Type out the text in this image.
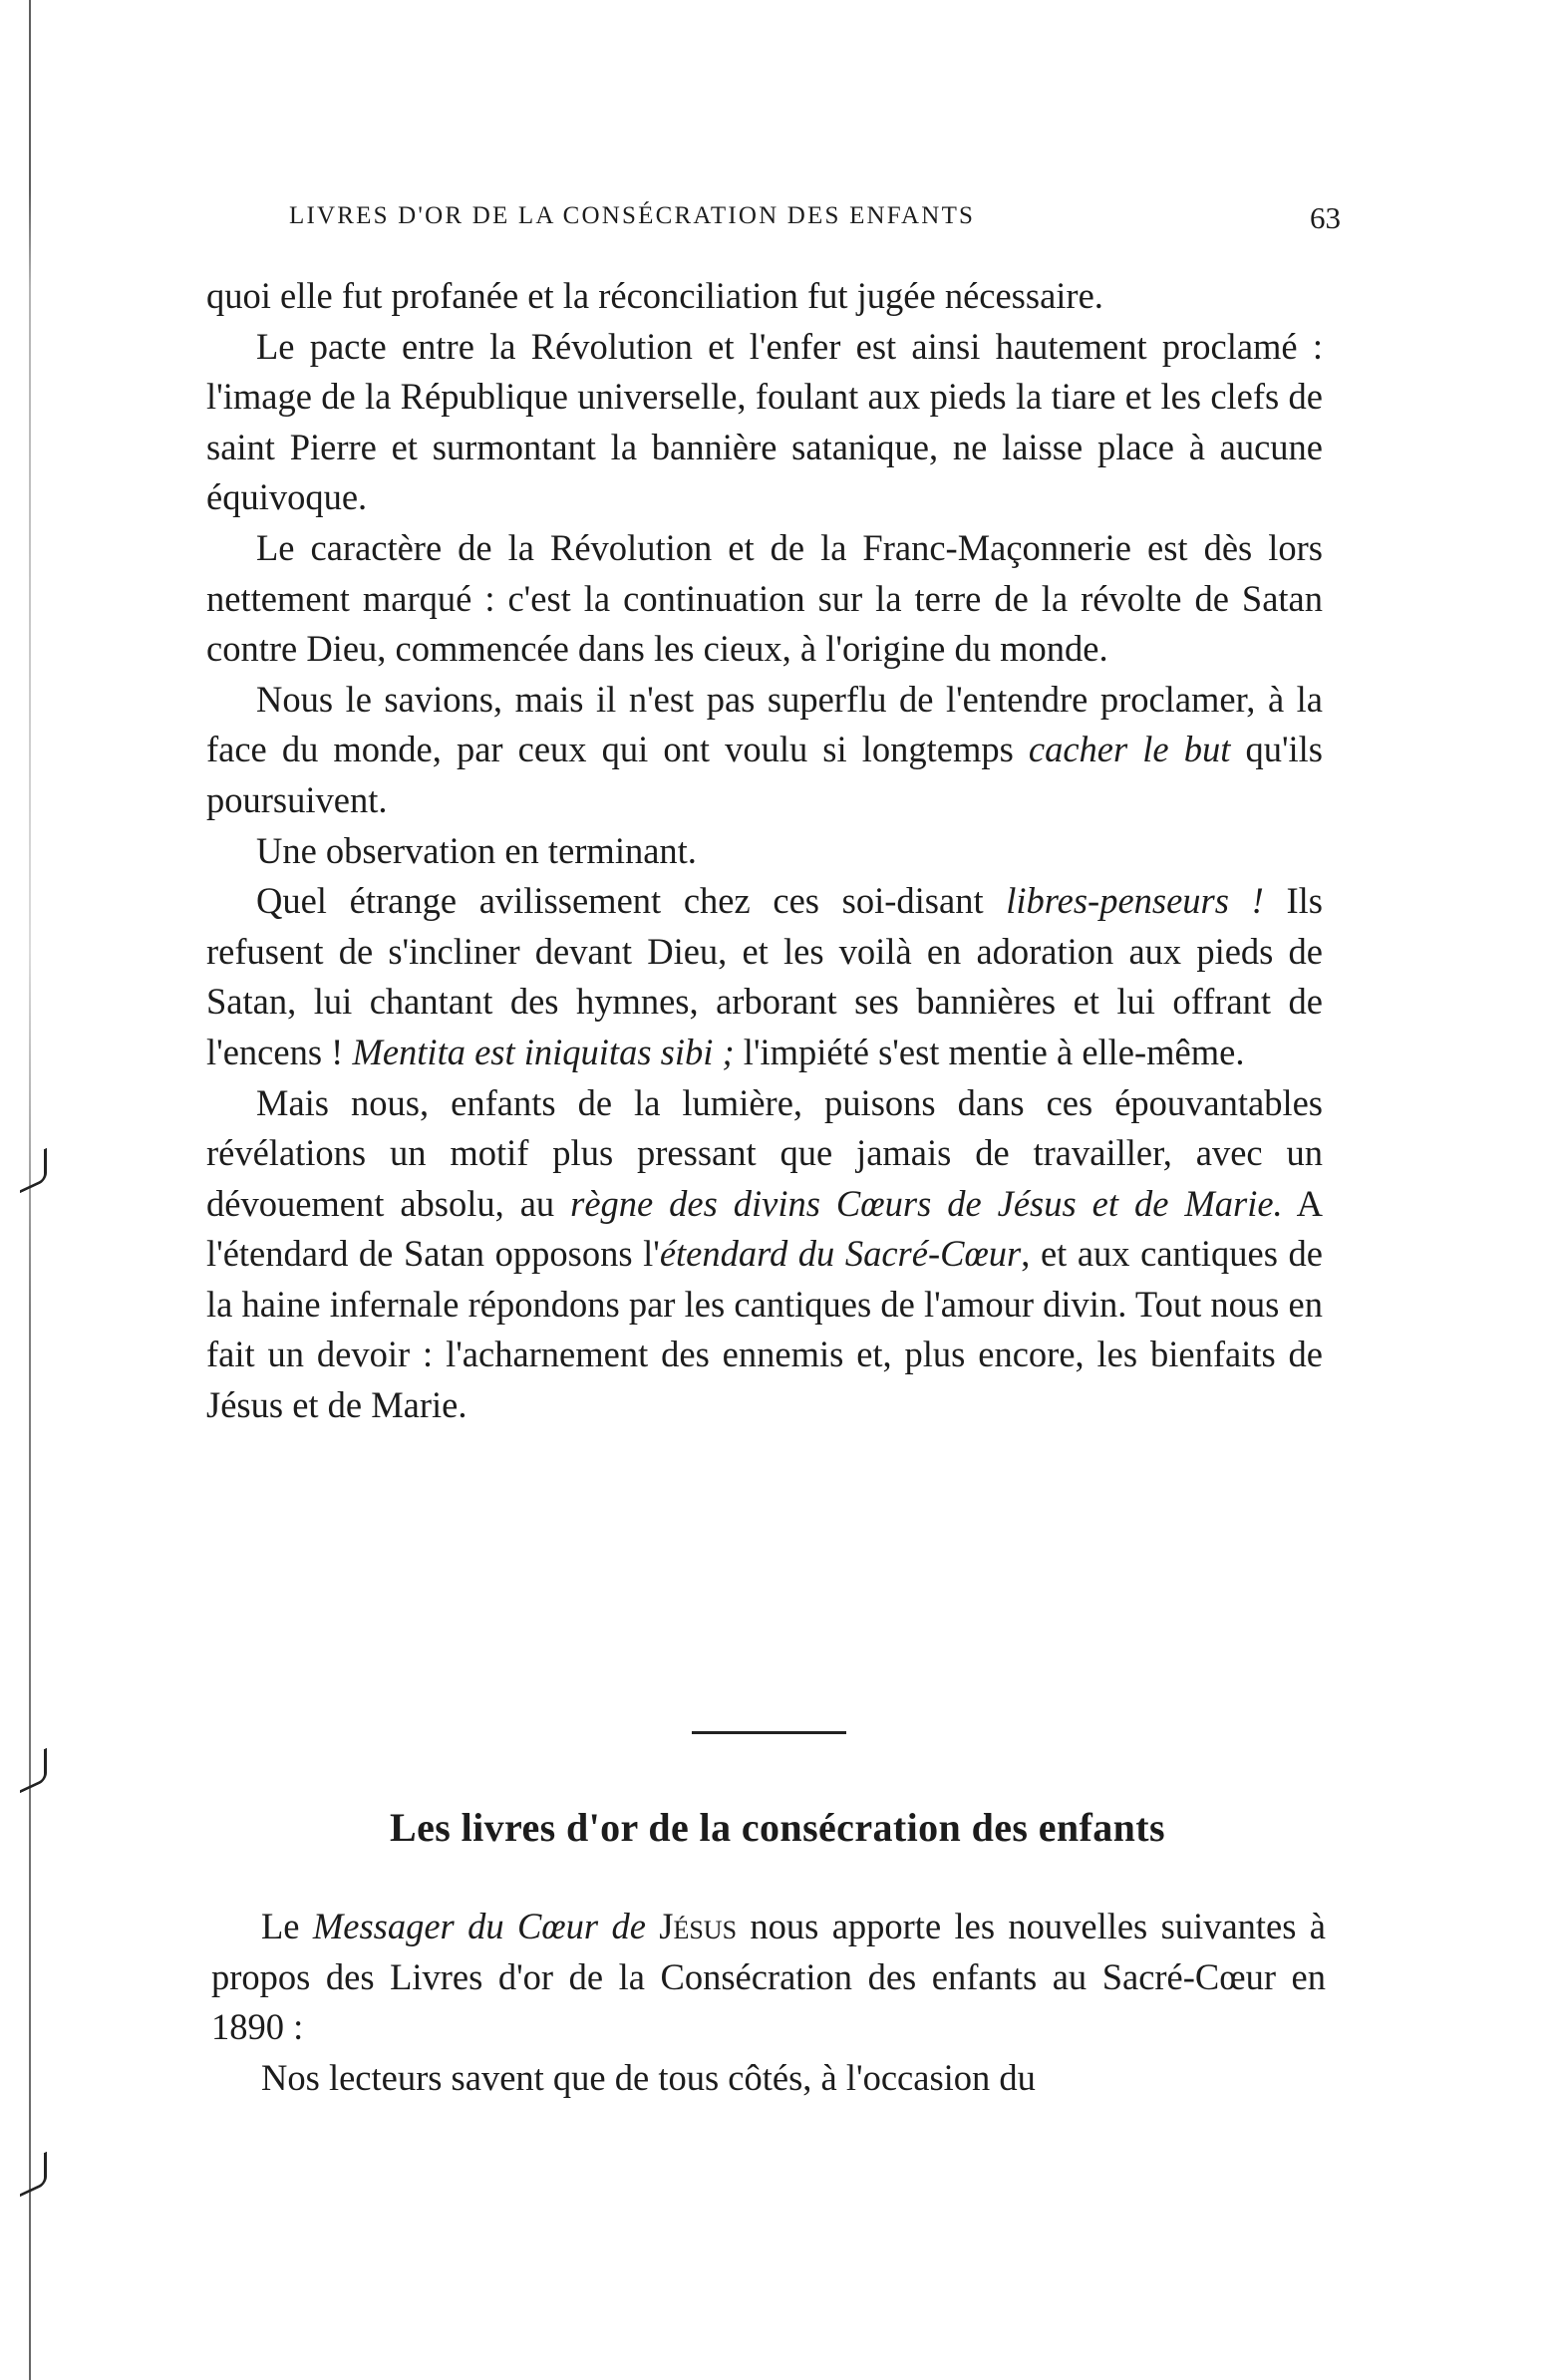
LIVRES D'OR DE LA CONSÉCRATION DES ENFANTS	63

quoi elle fut profanée et la réconciliation fut jugée nécessaire.

Le pacte entre la Révolution et l'enfer est ainsi hautement proclamé : l'image de la République universelle, foulant aux pieds la tiare et les clefs de saint Pierre et surmontant la bannière satanique, ne laisse place à aucune équivoque.

Le caractère de la Révolution et de la Franc-Maçonnerie est dès lors nettement marqué : c'est la continuation sur la terre de la révolte de Satan contre Dieu, commencée dans les cieux, à l'origine du monde.

Nous le savions, mais il n'est pas superflu de l'entendre proclamer, à la face du monde, par ceux qui ont voulu si longtemps cacher le but qu'ils poursuivent.

Une observation en terminant.

Quel étrange avilissement chez ces soi-disant libres-penseurs ! Ils refusent de s'incliner devant Dieu, et les voilà en adoration aux pieds de Satan, lui chantant des hymnes, arborant ses bannières et lui offrant de l'encens ! Mentita est iniquitas sibi ; l'impiété s'est mentie à elle-même.

Mais nous, enfants de la lumière, puisons dans ces épouvantables révélations un motif plus pressant que jamais de travailler, avec un dévouement absolu, au règne des divins Cœurs de Jésus et de Marie. A l'étendard de Satan opposons l'étendard du Sacré-Cœur, et aux cantiques de la haine infernale répondons par les cantiques de l'amour divin. Tout nous en fait un devoir : l'acharnement des ennemis et, plus encore, les bienfaits de Jésus et de Marie.

Les livres d'or de la consécration des enfants

Le Messager du Cœur de Jésus nous apporte les nouvelles suivantes à propos des Livres d'or de la Consécration des enfants au Sacré-Cœur en 1890 :

Nos lecteurs savent que de tous côtés, à l'occasion du
